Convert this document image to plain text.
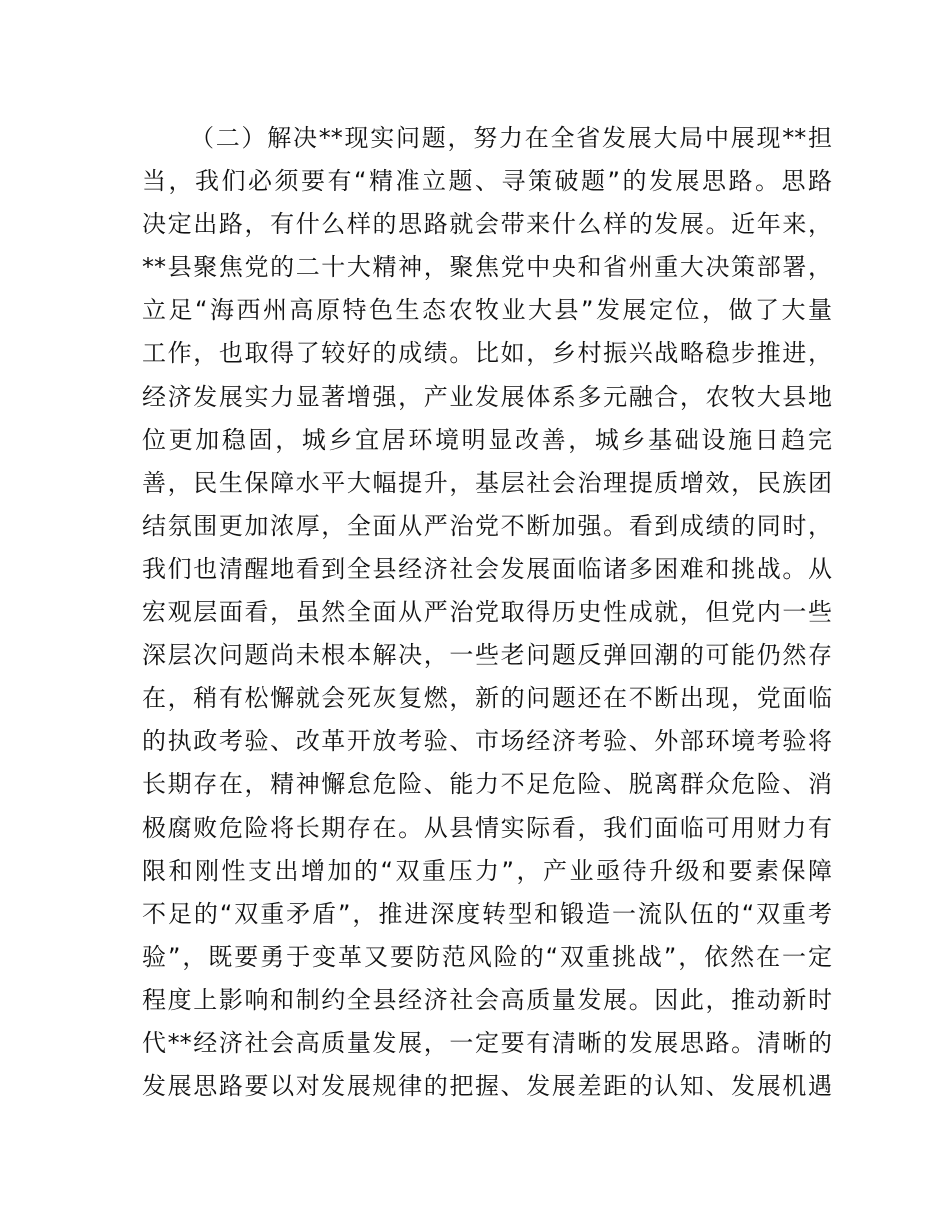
（二）解决**现实问题，努力在全省发展大局中展现**担
当，我们必须要有“精准立题、寻策破题”的发展思路。思路
决定出路，有什么样的思路就会带来什么样的发展。近年来，
**县聚焦党的二十大精神，聚焦党中央和省州重大决策部署，
立足“海西州高原特色生态农牧业大县”发展定位，做了大量
工作，也取得了较好的成绩。比如，乡村振兴战略稳步推进，
经济发展实力显著增强，产业发展体系多元融合，农牧大县地
位更加稳固，城乡宜居环境明显改善，城乡基础设施日趋完
善，民生保障水平大幅提升，基层社会治理提质增效，民族团
结氛围更加浓厚，全面从严治党不断加强。看到成绩的同时，
我们也清醒地看到全县经济社会发展面临诸多困难和挑战。从
宏观层面看，虽然全面从严治党取得历史性成就，但党内一些
深层次问题尚未根本解决，一些老问题反弹回潮的可能仍然存
在，稍有松懈就会死灰复燃，新的问题还在不断出现，党面临
的执政考验、改革开放考验、市场经济考验、外部环境考验将
长期存在，精神懈怠危险、能力不足危险、脱离群众危险、消
极腐败危险将长期存在。从县情实际看，我们面临可用财力有
限和刚性支出增加的“双重压力”，产业亟待升级和要素保障
不足的“双重矛盾”，推进深度转型和锻造一流队伍的“双重考
验”，既要勇于变革又要防范风险的“双重挑战”，依然在一定
程度上影响和制约全县经济社会高质量发展。因此，推动新时
代**经济社会高质量发展，一定要有清晰的发展思路。清晰的
发展思路要以对发展规律的把握、发展差距的认知、发展机遇
